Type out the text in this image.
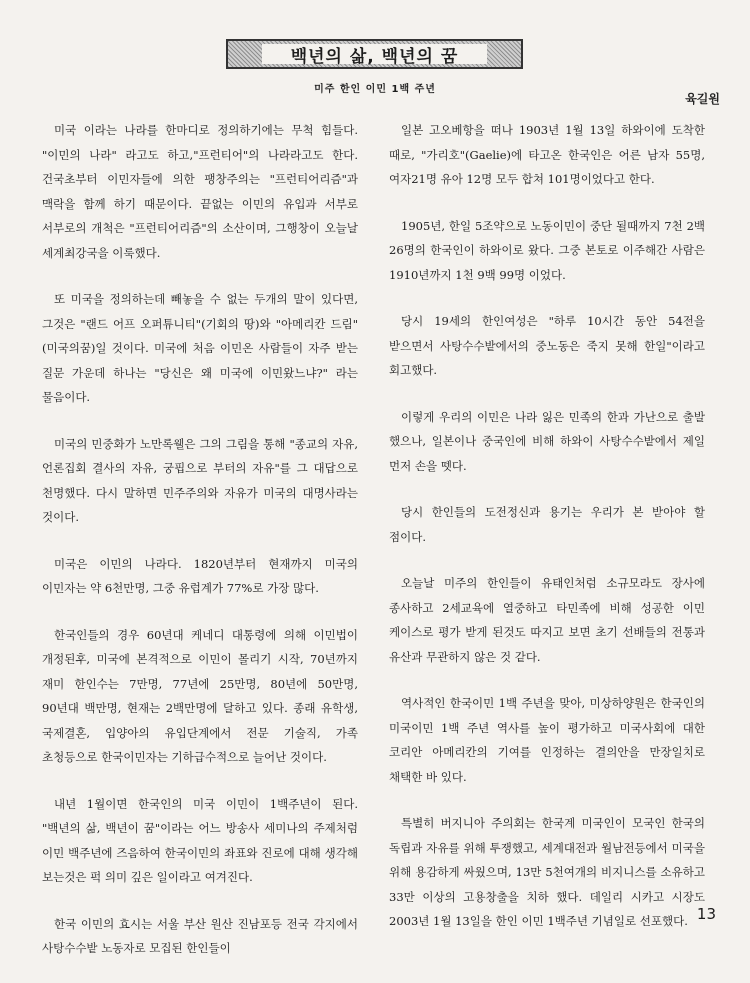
백년의 삶, 백년의 꿈
미주 한인 이민 1백 주년
육길원

미국 이라는 나라를 한마디로 정의하기에는 무척 힘들다. "이민의 나라" 라고도 하고,"프런티어"의 나라라고도 한다. 건국초부터 이민자들에 의한 팽창주의는 "프런티어리즘"과 맥락을 함께 하기 때문이다. 끝없는 이민의 유입과 서부로 서부로의 개척은 "프런티어리즘"의 소산이며, 그행창이 오늘날 세계최강국을 이룩했다.

또 미국을 정의하는데 빼놓을 수 없는 두개의 말이 있다면, 그것은 "랜드 어프 오퍼튜니티"(기회의 땅)와 "아메리칸 드림"(미국의꿈)일 것이다. 미국에 처음 이민온 사람들이 자주 받는 질문 가운데 하나는 "당신은 왜 미국에 이민왔느냐?" 라는 물음이다.

미국의 민중화가 노만록웰은 그의 그림을 통해 "종교의 자유, 언론집회 결사의 자유, 궁핍으로 부터의 자유"를 그 대답으로 천명했다. 다시 말하면 민주주의와 자유가 미국의 대명사라는 것이다.

미국은 이민의 나라다. 1820년부터 현재까지 미국의 이민자는 약 6천만명, 그중 유럽계가 77%로 가장 많다.

한국인들의 경우 60년대 케네디 대통령에 의해 이민법이 개정된후, 미국에 본격적으로 이민이 몰리기 시작, 70년까지 재미 한인수는 7만명, 77년에 25만명, 80년에 50만명, 90년대 백만명, 현재는 2백만명에 달하고 있다. 종래 유학생, 국제결혼, 입양아의 유입단계에서 전문 기술직, 가족 초청등으로 한국이민자는 기하급수적으로 늘어난 것이다.

내년 1월이면 한국인의 미국 이민이 1백주년이 된다. "백년의 삶, 백년이 꿈"이라는 어느 방송사 세미나의 주제처럼 이민 백주년에 즈음하여 한국이민의 좌표와 진로에 대해 생각해 보는것은 퍽 의미 깊은 일이라고 여겨진다.

한국 이민의 효시는 서울 부산 원산 진남포등 전국 각지에서 사탕수수밭 노동자로 모집된 한인들이

일본 고오베항을 떠나 1903년 1월 13일 하와이에 도착한 때로, "가리호"(Gaelie)에 타고온 한국인은 어른 남자 55명, 여자21명 유아 12명 모두 합쳐 101명이었다고 한다.

1905년, 한일 5조약으로 노동이민이 중단 될때까지 7천 2백 26명의 한국인이 하와이로 왔다. 그중 본토로 이주해간 사람은 1910년까지 1천 9백 99명 이었다.

당시 19세의 한인여성은 "하루 10시간 동안 54전을 받으면서 사탕수수밭에서의 중노동은 죽지 못해 한일"이라고 회고했다.

이렇게 우리의 이민은 나라 잃은 민족의 한과 가난으로 출발 했으나, 일본이나 중국인에 비해 하와이 사탕수수밭에서 제일 먼저 손을 뗏다.

당시 한인들의 도전정신과 용기는 우리가 본 받아야 할 점이다.

오늘날 미주의 한인들이 유태인처럼 소규모라도 장사에 종사하고 2세교육에 열중하고 타민족에 비해 성공한 이민 케이스로 평가 받게 된것도 따지고 보면 초기 선배들의 전통과 유산과 무관하지 않은 것 같다.

역사적인 한국이민 1백 주년을 맞아, 미상하양원은 한국인의 미국이민 1백 주년 역사를 높이 평가하고 미국사회에 대한 코리안 아메리칸의 기여를 인정하는 결의안을 만장일치로 채택한 바 있다.

특별히 버지니아 주의회는 한국계 미국인이 모국인 한국의 독립과 자유를 위해 투쟁했고, 세계대전과 월남전등에서 미국을 위해 용감하게 싸웠으며, 13만 5천여개의 비지니스를 소유하고 33만 이상의 고용창출을 치하 했다. 데일리 시카고 시장도 2003년 1월 13일을 한인 이민 1백주년 기념일로 선포했다. 13
